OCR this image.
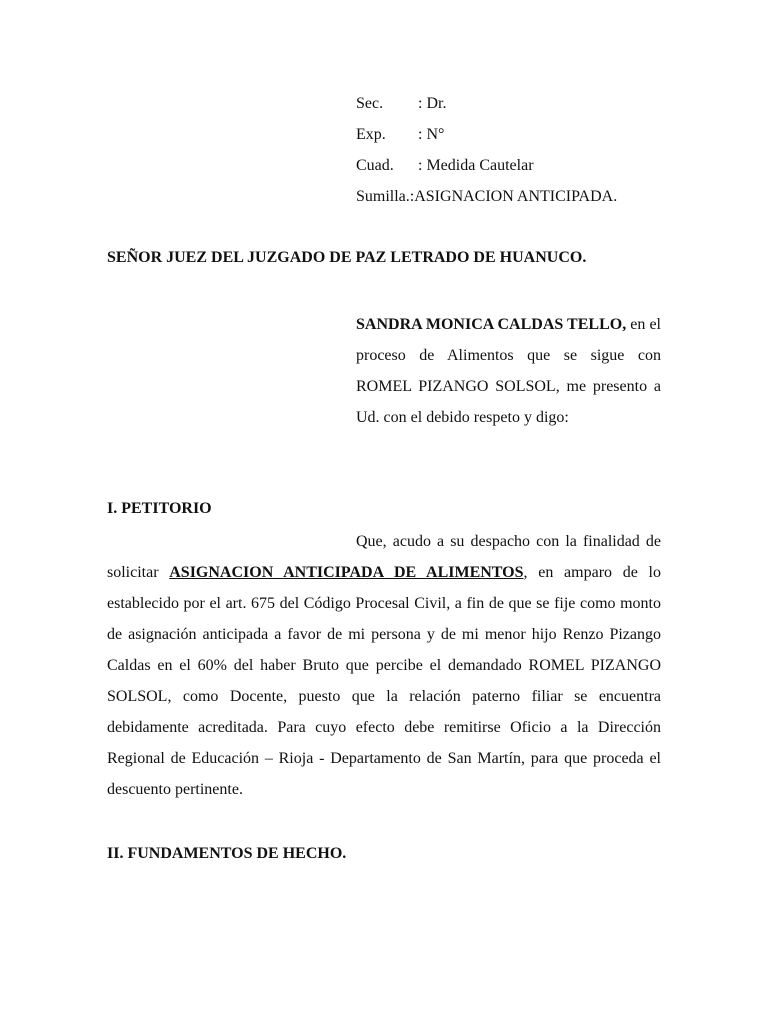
Sec.	: Dr.
Exp.	: N°
Cuad.	: Medida Cautelar
Sumilla. :ASIGNACION ANTICIPADA.
SEÑOR JUEZ DEL JUZGADO DE PAZ LETRADO DE HUANUCO.
SANDRA MONICA CALDAS TELLO, en el proceso de Alimentos que se sigue con ROMEL PIZANGO SOLSOL, me presento a Ud. con el debido respeto y digo:
I. PETITORIO
Que, acudo a su despacho con la finalidad de solicitar ASIGNACION ANTICIPADA DE ALIMENTOS, en amparo de lo establecido por el art. 675 del Código Procesal Civil, a fin de que se fije como monto de asignación anticipada a favor de mi persona y de mi menor hijo Renzo Pizango Caldas en el 60% del haber Bruto que percibe el demandado ROMEL PIZANGO SOLSOL, como Docente, puesto que la relación paterno filiar se encuentra debidamente acreditada. Para cuyo efecto debe remitirse Oficio a la Dirección Regional de Educación – Rioja - Departamento de San Martín, para que proceda el descuento pertinente.
II. FUNDAMENTOS DE HECHO.
